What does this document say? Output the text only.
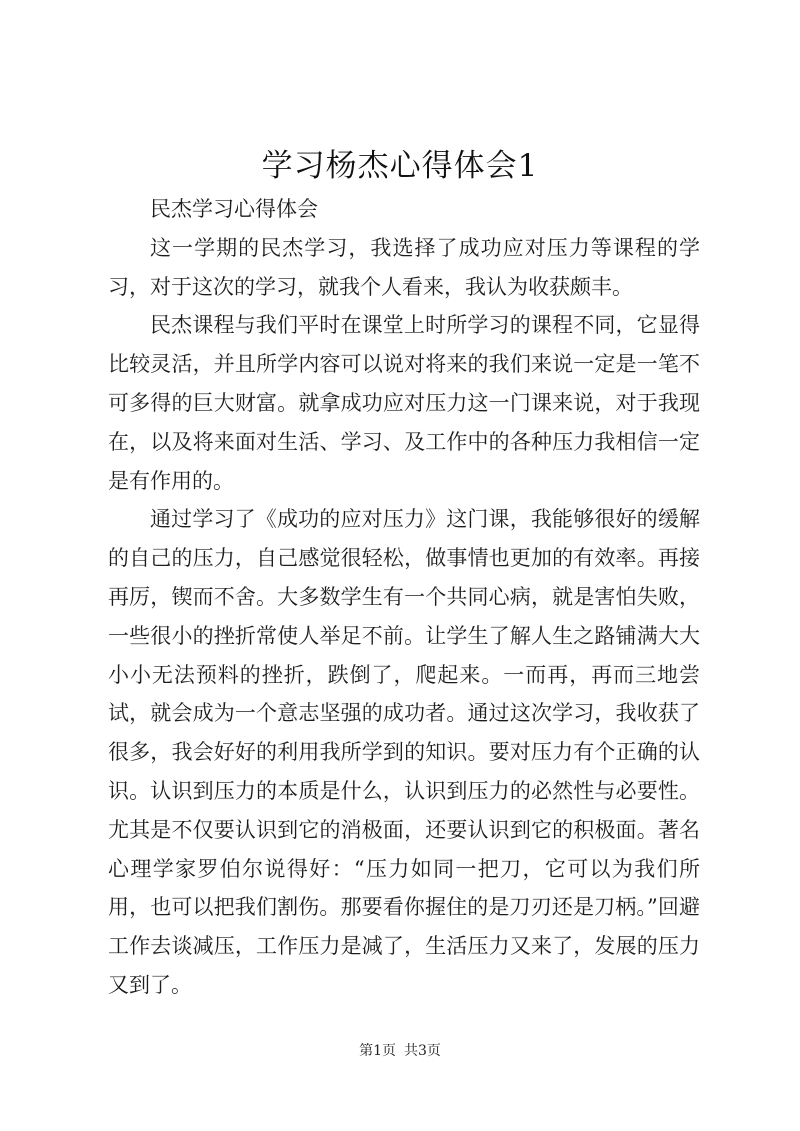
学习杨杰心得体会1

民杰学习心得体会

这一学期的民杰学习，我选择了成功应对压力等课程的学习，对于这次的学习，就我个人看来，我认为收获颇丰。

民杰课程与我们平时在课堂上时所学习的课程不同，它显得比较灵活，并且所学内容可以说对将来的我们来说一定是一笔不可多得的巨大财富。就拿成功应对压力这一门课来说，对于我现在，以及将来面对生活、学习、及工作中的各种压力我相信一定是有作用的。

通过学习了《成功的应对压力》这门课，我能够很好的缓解的自己的压力，自己感觉很轻松，做事情也更加的有效率。再接再厉，锲而不舍。大多数学生有一个共同心病，就是害怕失败，一些很小的挫折常使人举足不前。让学生了解人生之路铺满大大小小无法预料的挫折，跌倒了，爬起来。一而再，再而三地尝试，就会成为一个意志坚强的成功者。通过这次学习，我收获了很多，我会好好的利用我所学到的知识。要对压力有个正确的认识。认识到压力的本质是什么，认识到压力的必然性与必要性。尤其是不仅要认识到它的消极面，还要认识到它的积极面。著名心理学家罗伯尔说得好：“压力如同一把刀，它可以为我们所用，也可以把我们割伤。那要看你握住的是刀刃还是刀柄。”回避工作去谈减压，工作压力是减了，生活压力又来了，发展的压力又到了。

第1页 共3页
